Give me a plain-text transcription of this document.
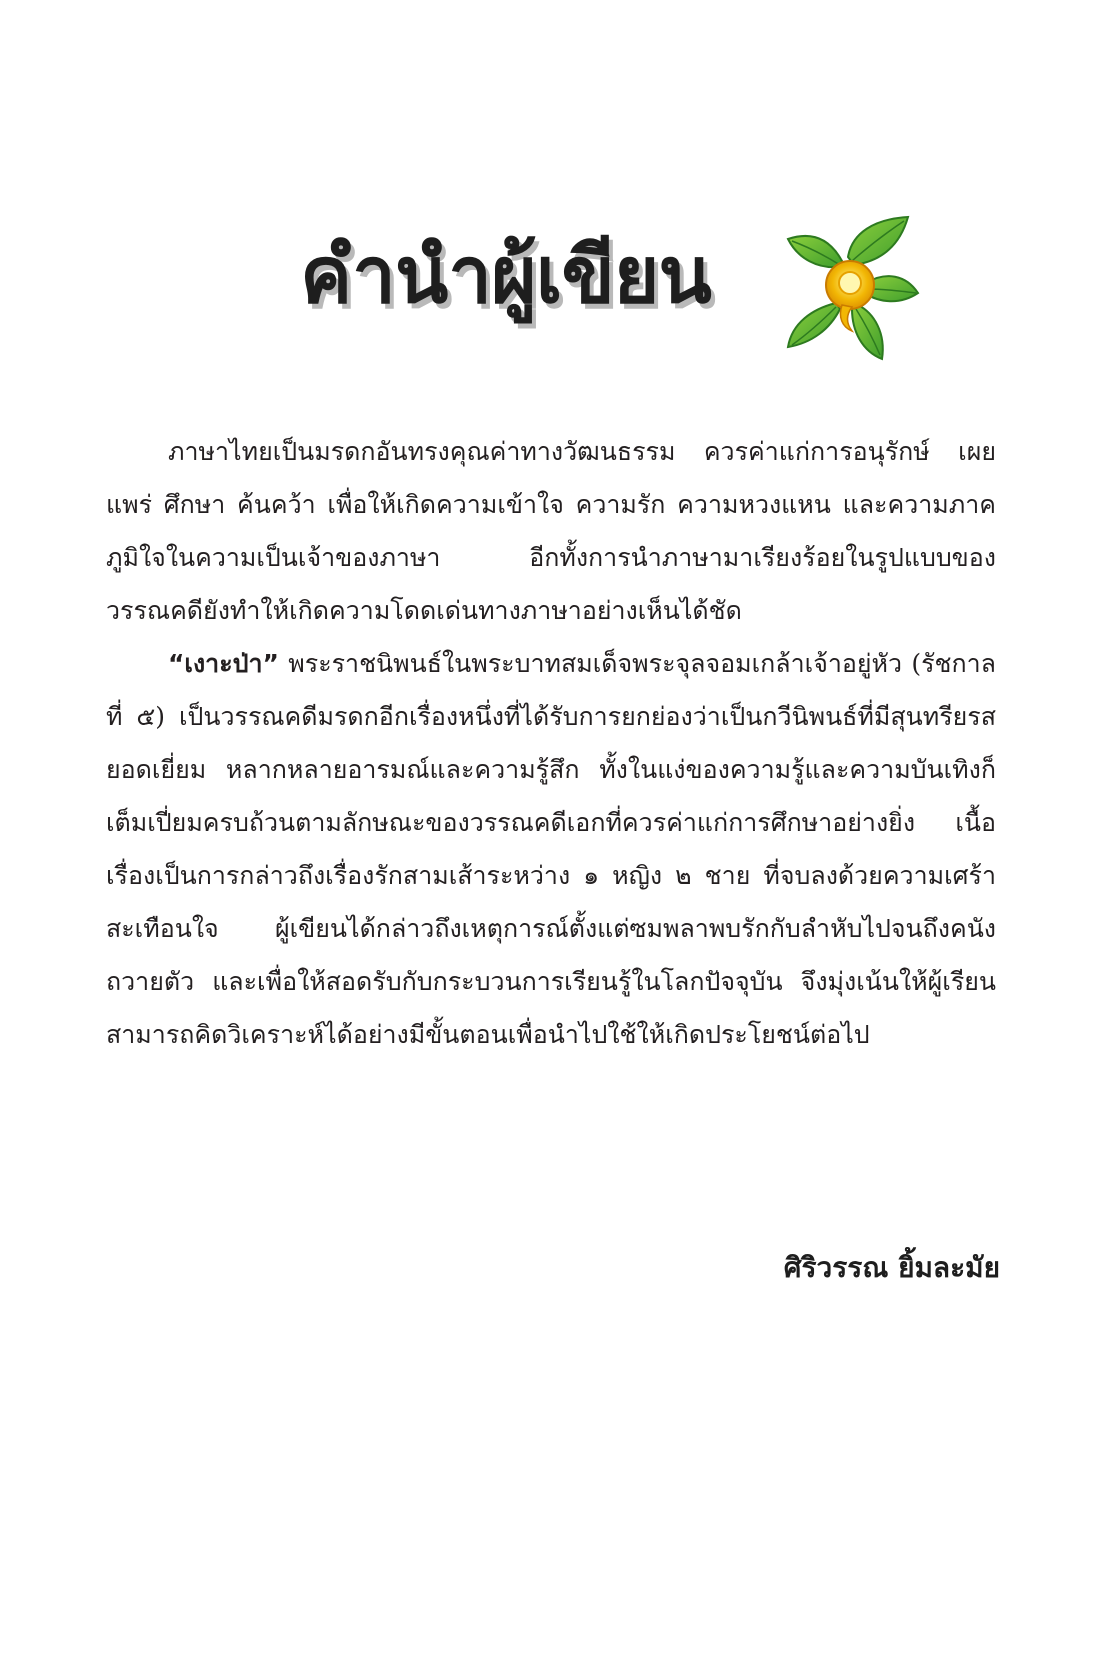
คำนำผู้เขียน

ภาษาไทยเป็นมรดกอันทรงคุณค่าทางวัฒนธรรม ควรค่าแก่การอนุรักษ์ เผยแพร่ ศึกษา ค้นคว้า เพื่อให้เกิดความเข้าใจ ความรัก ความหวงแหน และความภาคภูมิใจในความเป็นเจ้าของภาษา อีกทั้งการนำภาษามาเรียงร้อยในรูปแบบของวรรณคดียังทำให้เกิดความโดดเด่นทางภาษาอย่างเห็นได้ชัด

“เงาะป่า” พระราชนิพนธ์ในพระบาทสมเด็จพระจุลจอมเกล้าเจ้าอยู่หัว (รัชกาลที่ ๕) เป็นวรรณคดีมรดกอีกเรื่องหนึ่งที่ได้รับการยกย่องว่าเป็นกวีนิพนธ์ที่มีสุนทรียรสยอดเยี่ยม หลากหลายอารมณ์และความรู้สึก ทั้งในแง่ของความรู้และความบันเทิงก็เต็มเปี่ยมครบถ้วนตามลักษณะของวรรณคดีเอกที่ควรค่าแก่การศึกษาอย่างยิ่ง เนื้อเรื่องเป็นการกล่าวถึงเรื่องรักสามเส้าระหว่าง ๑ หญิง ๒ ชาย ที่จบลงด้วยความเศร้าสะเทือนใจ ผู้เขียนได้กล่าวถึงเหตุการณ์ตั้งแต่ซมพลาพบรักกับลำหับไปจนถึงคนังถวายตัว และเพื่อให้สอดรับกับกระบวนการเรียนรู้ในโลกปัจจุบัน จึงมุ่งเน้นให้ผู้เรียนสามารถคิดวิเคราะห์ได้อย่างมีขั้นตอนเพื่อนำไปใช้ให้เกิดประโยชน์ต่อไป

ศิริวรรณ ยิ้มละมัย
